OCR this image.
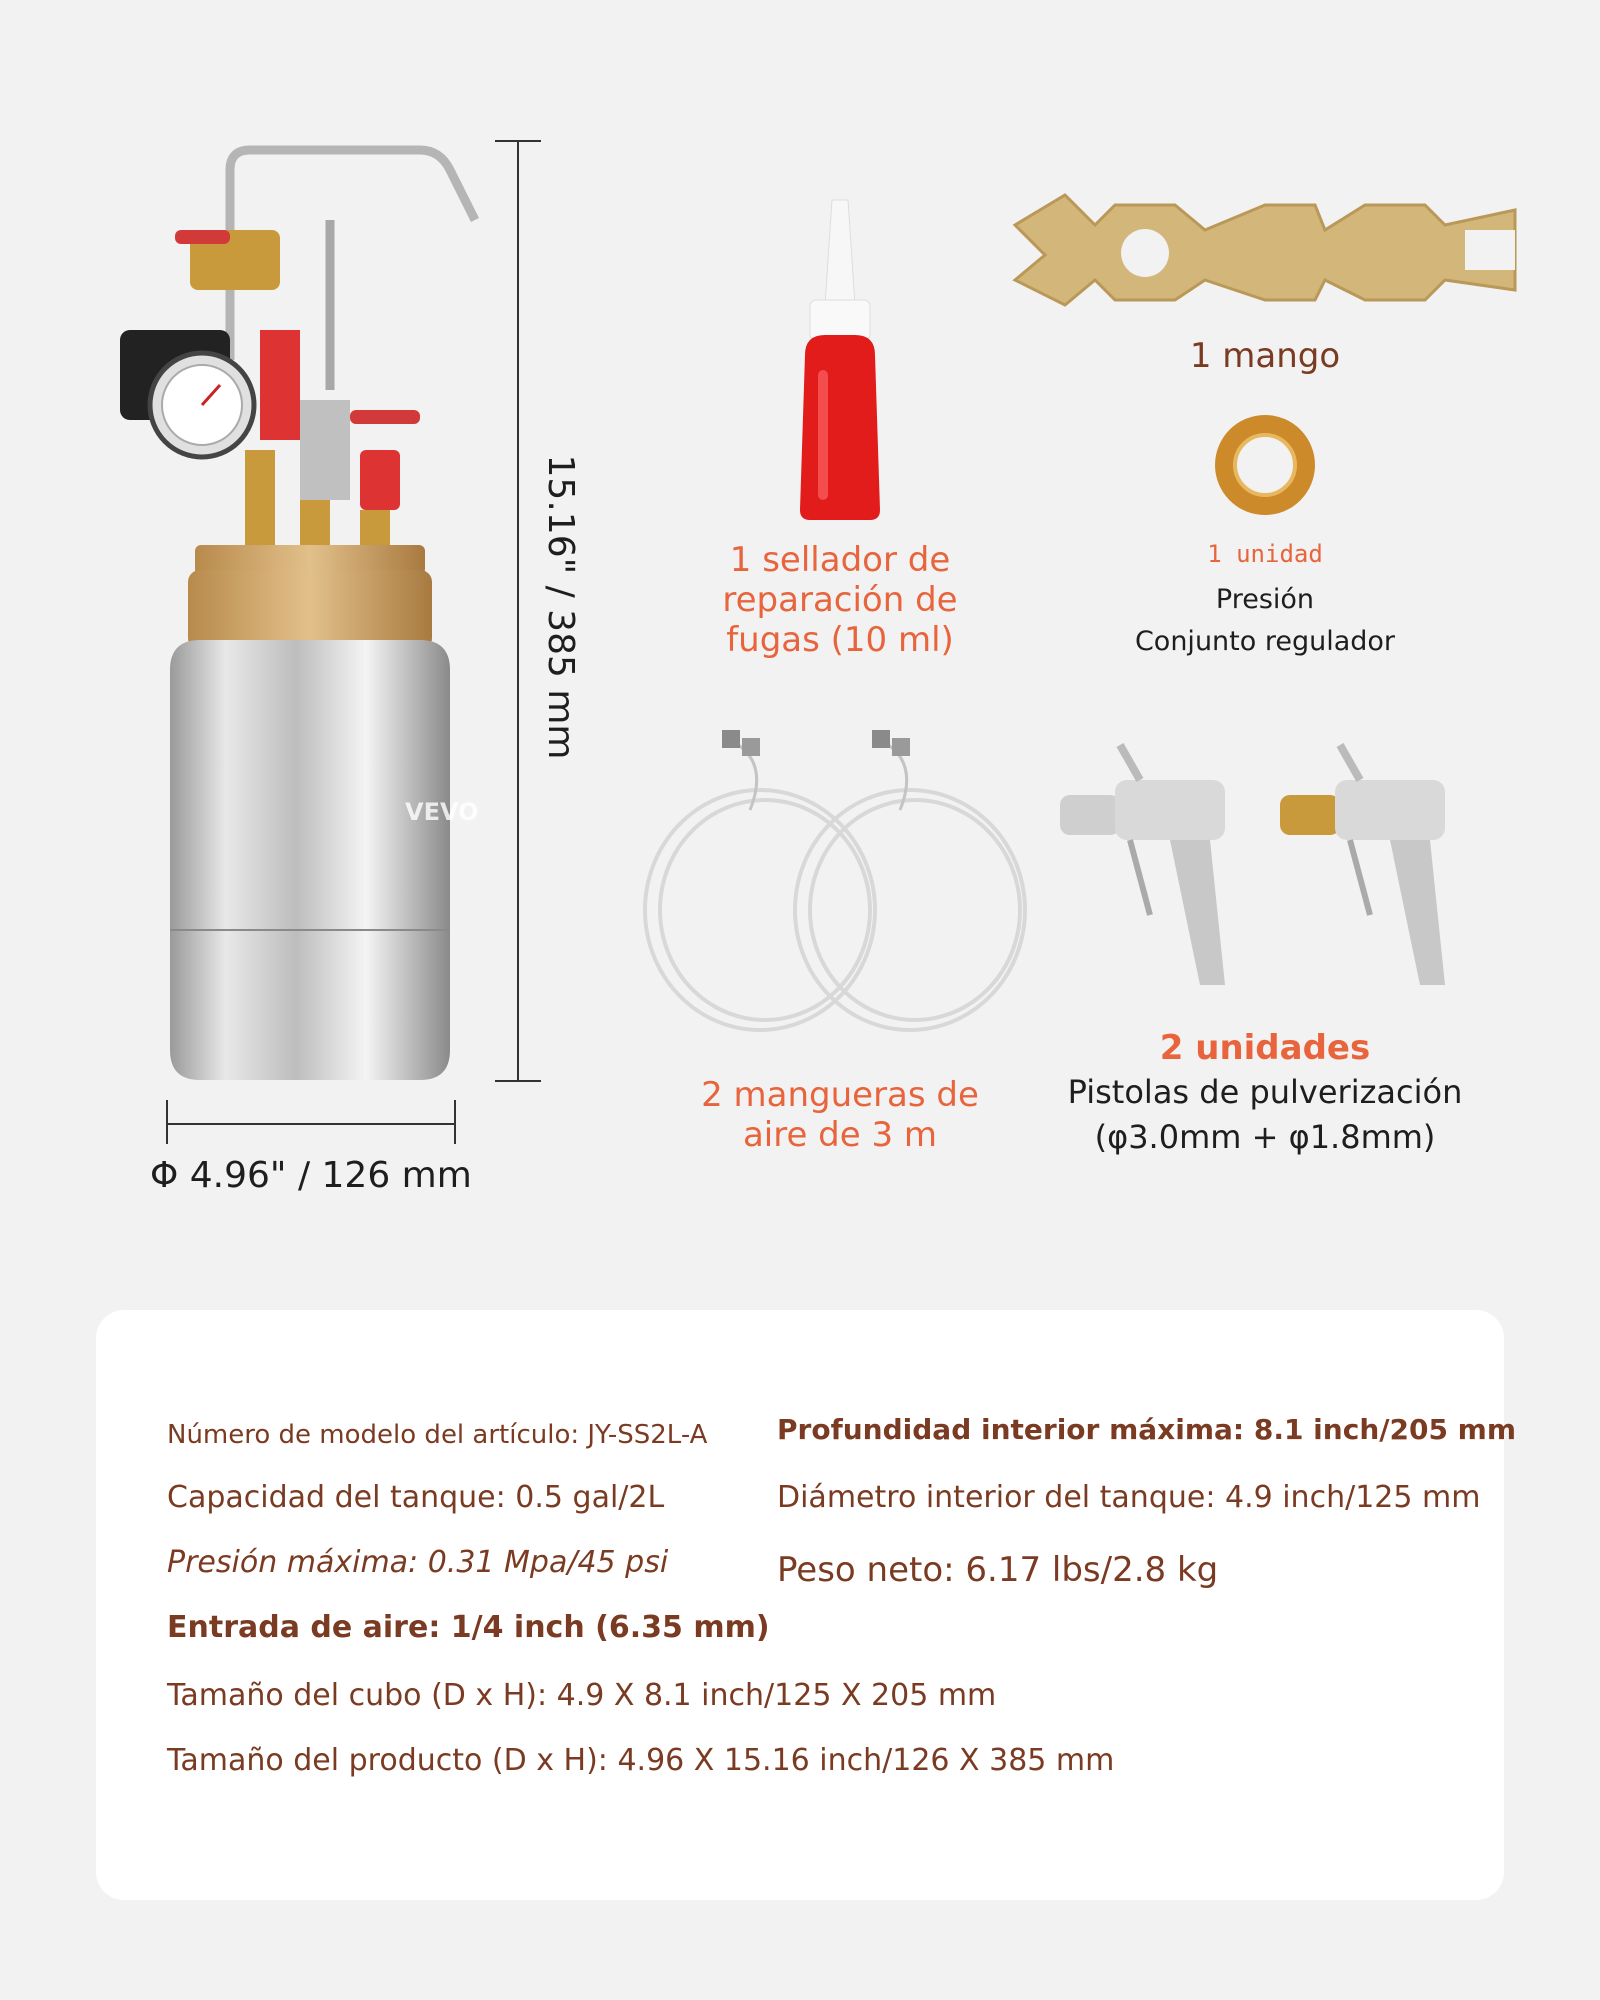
VEVO
15.16" / 385 mm
Φ 4.96" / 126 mm
1 sellador de reparación de fugas (10 ml)
1 mango
1 unidad
Presión
Conjunto regulador
2 mangueras de aire de 3 m
2 unidades
Pistolas de pulverización
(φ3.0mm + φ1.8mm)
Número de modelo del artículo: JY-SS2L-A
Capacidad del tanque: 0.5 gal/2L
Presión máxima: 0.31 Mpa/45 psi
Entrada de aire: 1/4 inch (6.35 mm)
Tamaño del cubo (D x H): 4.9 X 8.1 inch/125 X 205 mm
Tamaño del producto (D x H): 4.96 X 15.16 inch/126 X 385 mm
Profundidad interior máxima: 8.1 inch/205 mm
Diámetro interior del tanque: 4.9 inch/125 mm
Peso neto: 6.17 lbs/2.8 kg
